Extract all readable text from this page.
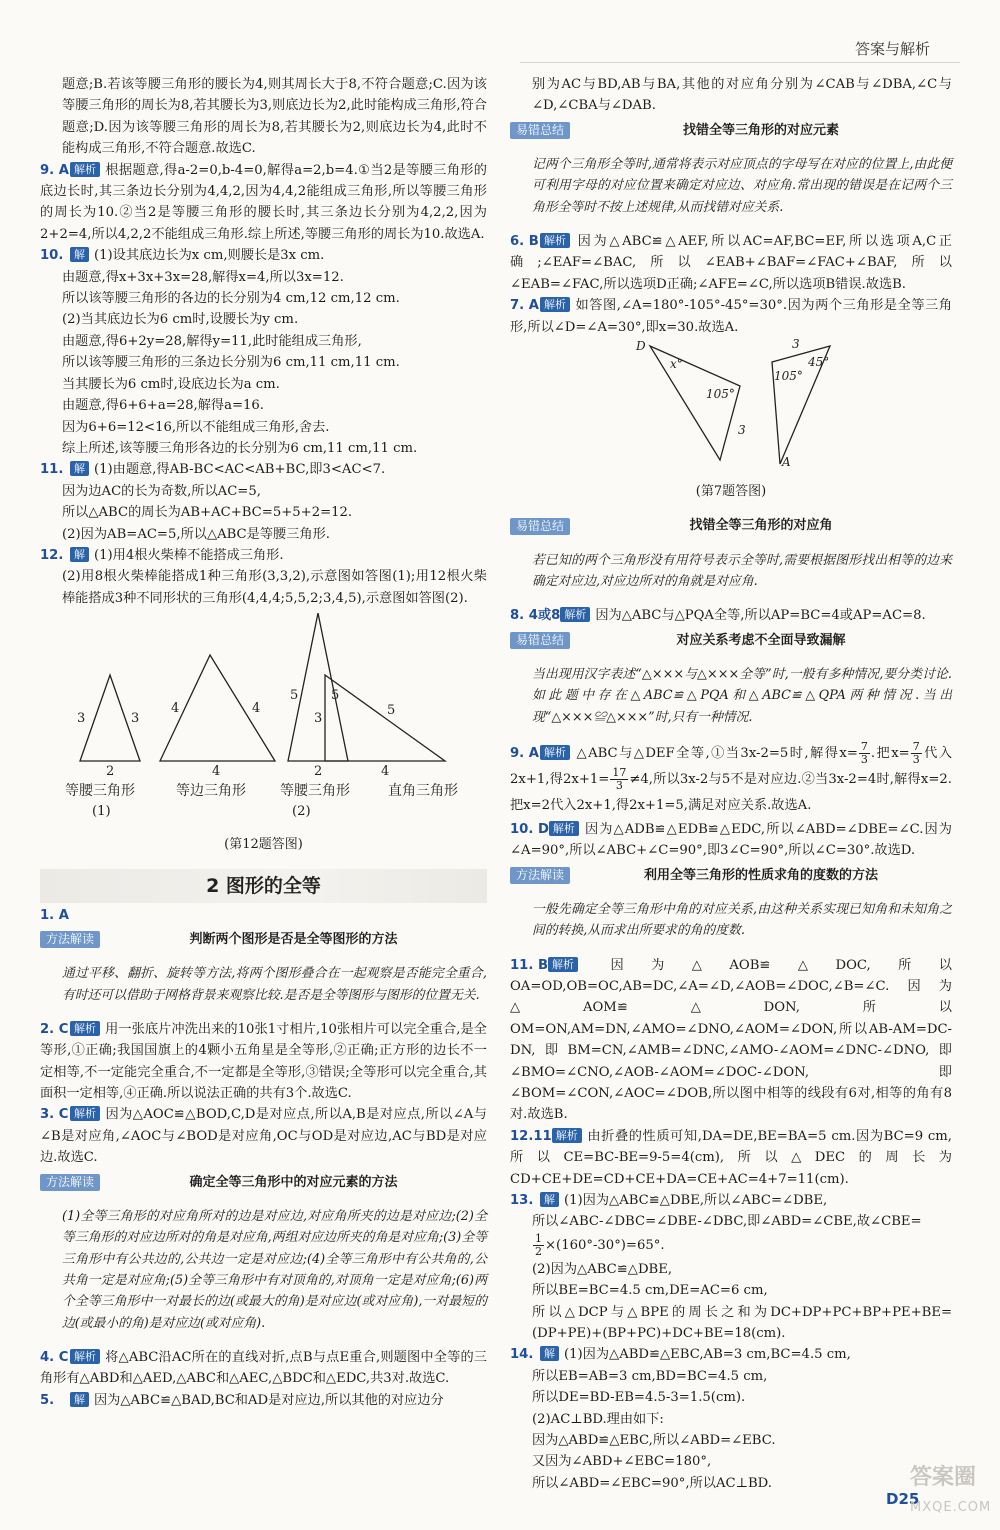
答案与解析

题意;B.若该等腰三角形的腰长为4,则其周长大于8,不符合题意;C.因为该等腰三角形的周长为8,若其腰长为3,则底边长为2,此时能构成三角形,符合题意;D.因为该等腰三角形的周长为8,若其腰长为2,则底边长为4,此时不能构成三角形,不符合题意.故选C.

9. A 解析 根据题意,得a-2=0,b-4=0,解得a=2,b=4.①当2是等腰三角形的底边长时,其三条边长分别为4,4,2,因为4,4,2能组成三角形,所以等腰三角形的周长为10.②当2是等腰三角形的腰长时,其三条边长分别为4,2,2,因为2+2=4,所以4,2,2不能组成三角形.综上所述,等腰三角形的周长为10.故选A.

10. 解 (1)设其底边长为x cm,则腰长是3x cm.

由题意,得x+3x+3x=28,解得x=4,所以3x=12.

所以该等腰三角形的各边的长分别为4 cm,12 cm,12 cm.

(2)当其底边长为6 cm时,设腰长为y cm.

由题意,得6+2y=28,解得y=11,此时能组成三角形,

所以该等腰三角形的三条边长分别为6 cm,11 cm,11 cm.

当其腰长为6 cm时,设底边长为a cm.

由题意,得6+6+a=28,解得a=16.

因为6+6=12<16,所以不能组成三角形,舍去.

综上所述,该等腰三角形各边的长分别为6 cm,11 cm,11 cm.

11. 解 (1)由题意,得AB-BC<AC<AB+BC,即3<AC<7.

因为边AC的长为奇数,所以AC=5,

所以△ABC的周长为AB+AC+BC=5+5+2=12.

(2)因为AB=AC=5,所以△ABC是等腰三角形.

12. 解 (1)用4根火柴棒不能搭成三角形.

(2)用8根火柴棒能搭成1种三角形(3,3,2),示意图如答图(1);用12根火柴棒能搭成3种不同形状的三角形(4,4,4;5,5,2;3,4,5),示意图如答图(2).

3	3
2
4	4
4
5	5
2
3
5
4
等腰三角形	等边三角形 等腰三角形	直角三角形
(1)	(2)

(第12题答图)

2 图形的全等

1. A

方法解读	判断两个图形是否是全等图形的方法

通过平移、翻折、旋转等方法,将两个图形叠合在一起观察是否能完全重合,有时还可以借助于网格背景来观察比较.是否是全等图形与图形的位置无关.

2. C 解析 用一张底片冲洗出来的10张1寸相片,10张相片可以完全重合,是全等形,①正确;我国国旗上的4颗小五角星是全等形,②正确;正方形的边长不一定相等,不一定能完全重合,不一定都是全等形,③错误;全等形可以完全重合,其面积一定相等,④正确.所以说法正确的共有3个.故选C.

3. C 解析 因为△AOC≌△BOD,C,D是对应点,所以A,B是对应点,所以∠A与∠B是对应角,∠AOC与∠BOD是对应角,OC与OD是对应边,AC与BD是对应边.故选C.

方法解读	确定全等三角形中的对应元素的方法

(1)全等三角形的对应角所对的边是对应边,对应角所夹的边是对应边;(2)全等三角形的对应边所对的角是对应角,两组对应边所夹的角是对应角;(3)全等三角形中有公共边的,公共边一定是对应边;(4)全等三角形中有公共角的,公共角一定是对应角;(5)全等三角形中有对顶角的,对顶角一定是对应角;(6)两个全等三角形中一对最长的边(或最大的角)是对应边(或对应角),一对最短的边(或最小的角)是对应边(或对应角).

4. C 解析 将△ABC沿AC所在的直线对折,点B与点E重合,则题图中全等的三角形有△ABD和△AED,△ABC和△AEC,△BDC和△EDC,共3对.故选C.

5. 解 因为△ABC≌△BAD,BC和AD是对应边,所以其他的对应边分

别为AC与BD,AB与BA,其他的对应角分别为∠CAB与∠DBA,∠C与∠D,∠CBA与∠DAB.

易错总结	找错全等三角形的对应元素

记两个三角形全等时,通常将表示对应顶点的字母写在对应的位置上,由此便可利用字母的对应位置来确定对应边、对应角.常出现的错误是在记两个三角形全等时不按上述规律,从而找错对应关系.

6. B 解析 因为△ABC≌△AEF,所以AC=AF,BC=EF,所以选项A,C正确;∠EAF=∠BAC,所以∠EAB+∠BAF=∠FAC+∠BAF,所以∠EAB=∠FAC,所以选项D正确;∠AFE=∠C,所以选项B错误.故选B.

7. A 解析 如答图,∠A=180°-105°-45°=30°.因为两个三角形是全等三角形,所以∠D=∠A=30°,即x=30.故选A.

D
x°
105°
3
3
45°
105°
A

(第7题答图)

易错总结	找错全等三角形的对应角

若已知的两个三角形没有用符号表示全等时,需要根据图形找出相等的边来确定对应边,对应边所对的角就是对应角.

8. 4或8 解析 因为△ABC与△PQA全等,所以AP=BC=4或AP=AC=8.

易错总结	对应关系考虑不全面导致漏解

当出现用汉字表述“△×××与△×××全等”时,一般有多种情况,要分类讨论.如此题中存在△ABC≌△PQA和△ABC≌△QPA两种情况.当出现“△×××≌△×××”时,只有一种情况.

9. A 解析 △ABC与△DEF全等,①当3x-2=5时,解得$x= \frac{7}{3}$ .把$x= \frac{7}{3}$ 代入2x+1,得$2x+1= \frac{17}{3} \ne 4$,所以3x-2与5不是对应边.②当3x-2=4时,解得x=2.把x=2代入2x+1,得2x+1=5,满足对应关系.故选A.

10. D 解析 因为△ADB≌△EDB≌△EDC,所以∠ABD=∠DBE=∠C.因为∠A=90°,所以∠ABC+∠C=90°,即3∠C=90°,所以∠C=30°.故选D.

方法解读	利用全等三角形的性质求角的度数的方法

一般先确定全等三角形中角的对应关系,由这种关系实现已知角和未知角之间的转换,从而求出所要求的角的度数.

11. B 解析 因为△AOB≌△DOC,所以OA=OD,OB=OC,AB=DC,∠A=∠D,∠AOB=∠DOC,∠B=∠C.因为△AOM≌△DON,所以OM=ON,AM=DN,∠AMO=∠DNO,∠AOM=∠DON,所以AB-AM=DC-DN,即BM=CN,∠AMB=∠DNC,∠AMO-∠AOM=∠DNC-∠DNO,即∠BMO=∠CNO,∠AOB-∠AOM=∠DOC-∠DON,即∠BOM=∠CON,∠AOC=∠DOB,所以图中相等的线段有6对,相等的角有8对.故选B.

12.11 解析 由折叠的性质可知,DA=DE,BE=BA=5 cm.因为BC=9 cm,所以CE=BC-BE=9-5=4(cm),所以△DEC的周长为CD+CE+DE=CD+CE+DA=CE+AC=4+7=11(cm).

13. 解 (1)因为△ABC≌△DBE,所以∠ABC=∠DBE,

所以∠ABC-∠DBC=∠DBE-∠DBC,即∠ABD=∠CBE,故∠CBE=

$\frac{1}{2} \times(160^\circ-30^\circ)=65^\circ$.

(2)因为△ABC≌△DBE,

所以BE=BC=4.5 cm,DE=AC=6 cm,

所以△DCP与△BPE的周长之和为DC+DP+PC+BP+PE+BE=(DP+PE)+(BP+PC)+DC+BE=18(cm).

14. 解 (1)因为△ABD≌△EBC,AB=3 cm,BC=4.5 cm,

所以EB=AB=3 cm,BD=BC=4.5 cm,

所以DE=BD-EB=4.5-3=1.5(cm).

(2)AC⊥BD.理由如下:

因为△ABD≌△EBC,所以∠ABD=∠EBC.

又因为∠ABD+∠EBC=180°,

所以∠ABD=∠EBC=90°,所以AC⊥BD.

D25
答案圈
MXQE.COM
